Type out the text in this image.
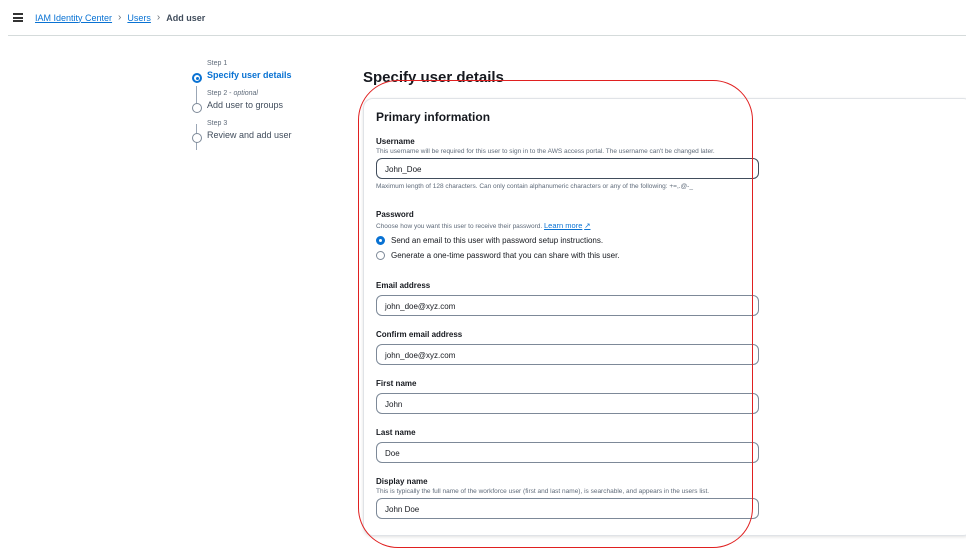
IAM Identity Center › Users › Add user
Step 1
Specify user details
Step 2 - optional
Add user to groups
Step 3
Review and add user
Specify user details
Primary information
Username
This username will be required for this user to sign in to the AWS access portal. The username can't be changed later.
John_Doe
Maximum length of 128 characters. Can only contain alphanumeric characters or any of the following: +=,.@-_
Password
Choose how you want this user to receive their password. Learn more ↗
Send an email to this user with password setup instructions.
Generate a one-time password that you can share with this user.
Email address
john_doe@xyz.com
Confirm email address
john_doe@xyz.com
First name
John
Last name
Doe
Display name
This is typically the full name of the workforce user (first and last name), is searchable, and appears in the users list.
John Doe
